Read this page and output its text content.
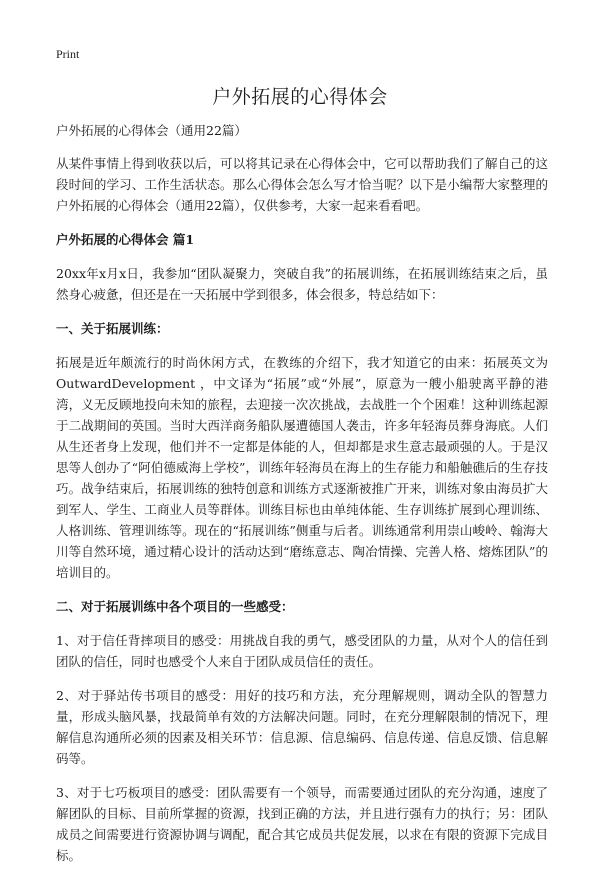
Print
户外拓展的心得体会

户外拓展的心得体会（通用22篇）

从某件事情上得到收获以后，可以将其记录在心得体会中，它可以帮助我们了解自己的这段时间的学习、工作生活状态。那么心得体会怎么写才恰当呢？以下是小编帮大家整理的户外拓展的心得体会（通用22篇），仅供参考，大家一起来看看吧。

户外拓展的心得体会 篇1

20xx年x月x日，我参加“团队凝聚力，突破自我”的拓展训练，在拓展训练结束之后，虽然身心疲惫，但还是在一天拓展中学到很多，体会很多，特总结如下：

一、关于拓展训练：

拓展是近年颇流行的时尚休闲方式，在教练的介绍下，我才知道它的由来：拓展英文为OutwardDevelopment ，中文译为“拓展”或“外展”，原意为一艘小船驶离平静的港湾，义无反顾地投向未知的旅程，去迎接一次次挑战，去战胜一个个困难！这种训练起源于二战期间的英国。当时大西洋商务船队屡遭德国人袭击，许多年轻海员葬身海底。人们从生还者身上发现，他们并不一定都是体能的人，但却都是求生意志最顽强的人。于是汉思等人创办了“阿伯德威海上学校”，训练年轻海员在海上的生存能力和船触礁后的生存技巧。战争结束后，拓展训练的独特创意和训练方式逐渐被推广开来，训练对象由海员扩大到军人、学生、工商业人员等群体。训练目标也由单纯体能、生存训练扩展到心理训练、人格训练、管理训练等。现在的“拓展训练”侧重与后者。训练通常利用崇山峻岭、翰海大川等自然环境，通过精心设计的活动达到“磨练意志、陶冶情操、完善人格、熔炼团队”的培训目的。

二、对于拓展训练中各个项目的一些感受：

1、对于信任背摔项目的感受：用挑战自我的勇气，感受团队的力量，从对个人的信任到团队的信任，同时也感受个人来自于团队成员信任的责任。

2、对于驿站传书项目的感受：用好的技巧和方法，充分理解规则，调动全队的智慧力量，形成头脑风暴，找最简单有效的方法解决问题。同时，在充分理解限制的情况下，理解信息沟通所必须的因素及相关环节：信息源、信息编码、信息传递、信息反馈、信息解码等。

3、对于七巧板项目的感受：团队需要有一个领导，而需要通过团队的充分沟通，速度了解团队的目标、目前所掌握的资源，找到正确的方法，并且进行强有力的执行；另：团队成员之间需要进行资源协调与调配，配合其它成员共促发展，以求在有限的资源下完成目标。
